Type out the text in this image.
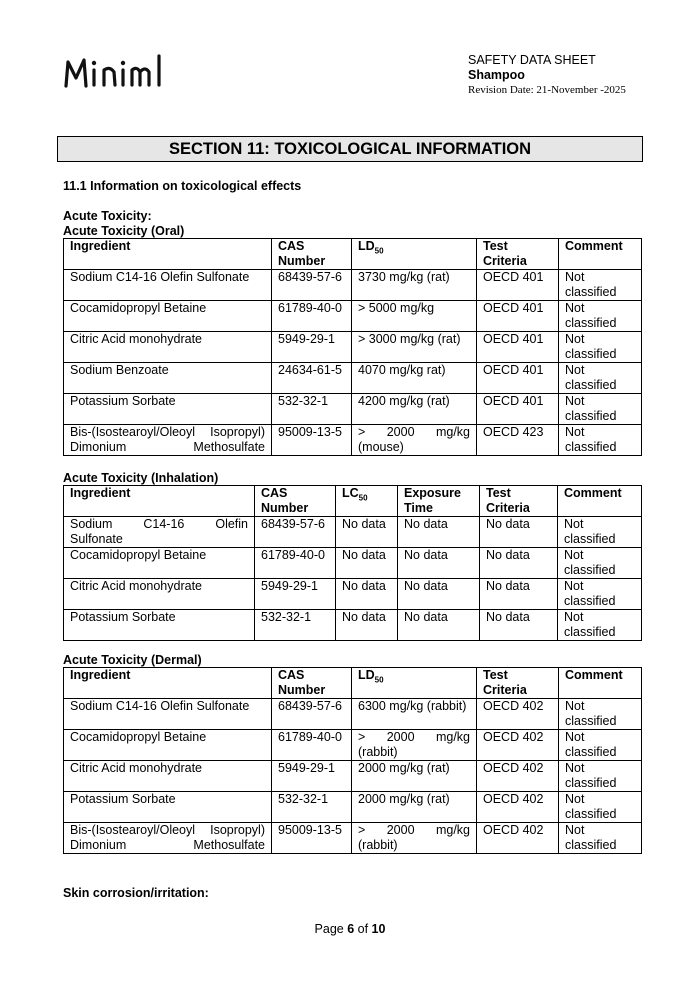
SAFETY DATA SHEET
Shampoo
Revision Date: 21-November -2025
SECTION 11: TOXICOLOGICAL INFORMATION
11.1 Information on toxicological effects
Acute Toxicity:
Acute Toxicity (Oral)
Ingredient	CAS Number	$LD_{50}$	Test Criteria	Comment
Sodium C14-16 Olefin Sulfonate	68439-57-6	3730 mg/kg (rat)	OECD 401	Not classified
Cocamidopropyl Betaine	61789-40-0	> 5000 mg/kg	OECD 401	Not classified
Citric Acid monohydrate	5949-29-1	> 3000 mg/kg (rat)	OECD 401	Not classified
Sodium Benzoate	24634-61-5	4070 mg/kg rat)	OECD 401	Not classified
Potassium Sorbate	532-32-1	4200 mg/kg (rat)	OECD 401	Not classified
Bis-(Isostearoyl/Oleoyl Isopropyl) Dimonium Methosulfate	95009-13-5	> 2000 mg/kg (mouse)	OECD 423	Not classified
Acute Toxicity (Inhalation)
Ingredient	CAS Number	$LC_{50}$	Exposure Time	Test Criteria	Comment
Sodium C14-16 Olefin Sulfonate	68439-57-6	No data	No data	No data	Not classified
Cocamidopropyl Betaine	61789-40-0	No data	No data	No data	Not classified
Citric Acid monohydrate	5949-29-1	No data	No data	No data	Not classified
Potassium Sorbate	532-32-1	No data	No data	No data	Not classified
Acute Toxicity (Dermal)
Ingredient	CAS Number	$LD_{50}$	Test Criteria	Comment
Sodium C14-16 Olefin Sulfonate	68439-57-6	6300 mg/kg (rabbit)	OECD 402	Not classified
Cocamidopropyl Betaine	61789-40-0	> 2000 mg/kg (rabbit)	OECD 402	Not classified
Citric Acid monohydrate	5949-29-1	2000 mg/kg (rat)	OECD 402	Not classified
Potassium Sorbate	532-32-1	2000 mg/kg (rat)	OECD 402	Not classified
Bis-(Isostearoyl/Oleoyl Isopropyl) Dimonium Methosulfate	95009-13-5	> 2000 mg/kg (rabbit)	OECD 402	Not classified
Skin corrosion/irritation:
Page 6 of 10
